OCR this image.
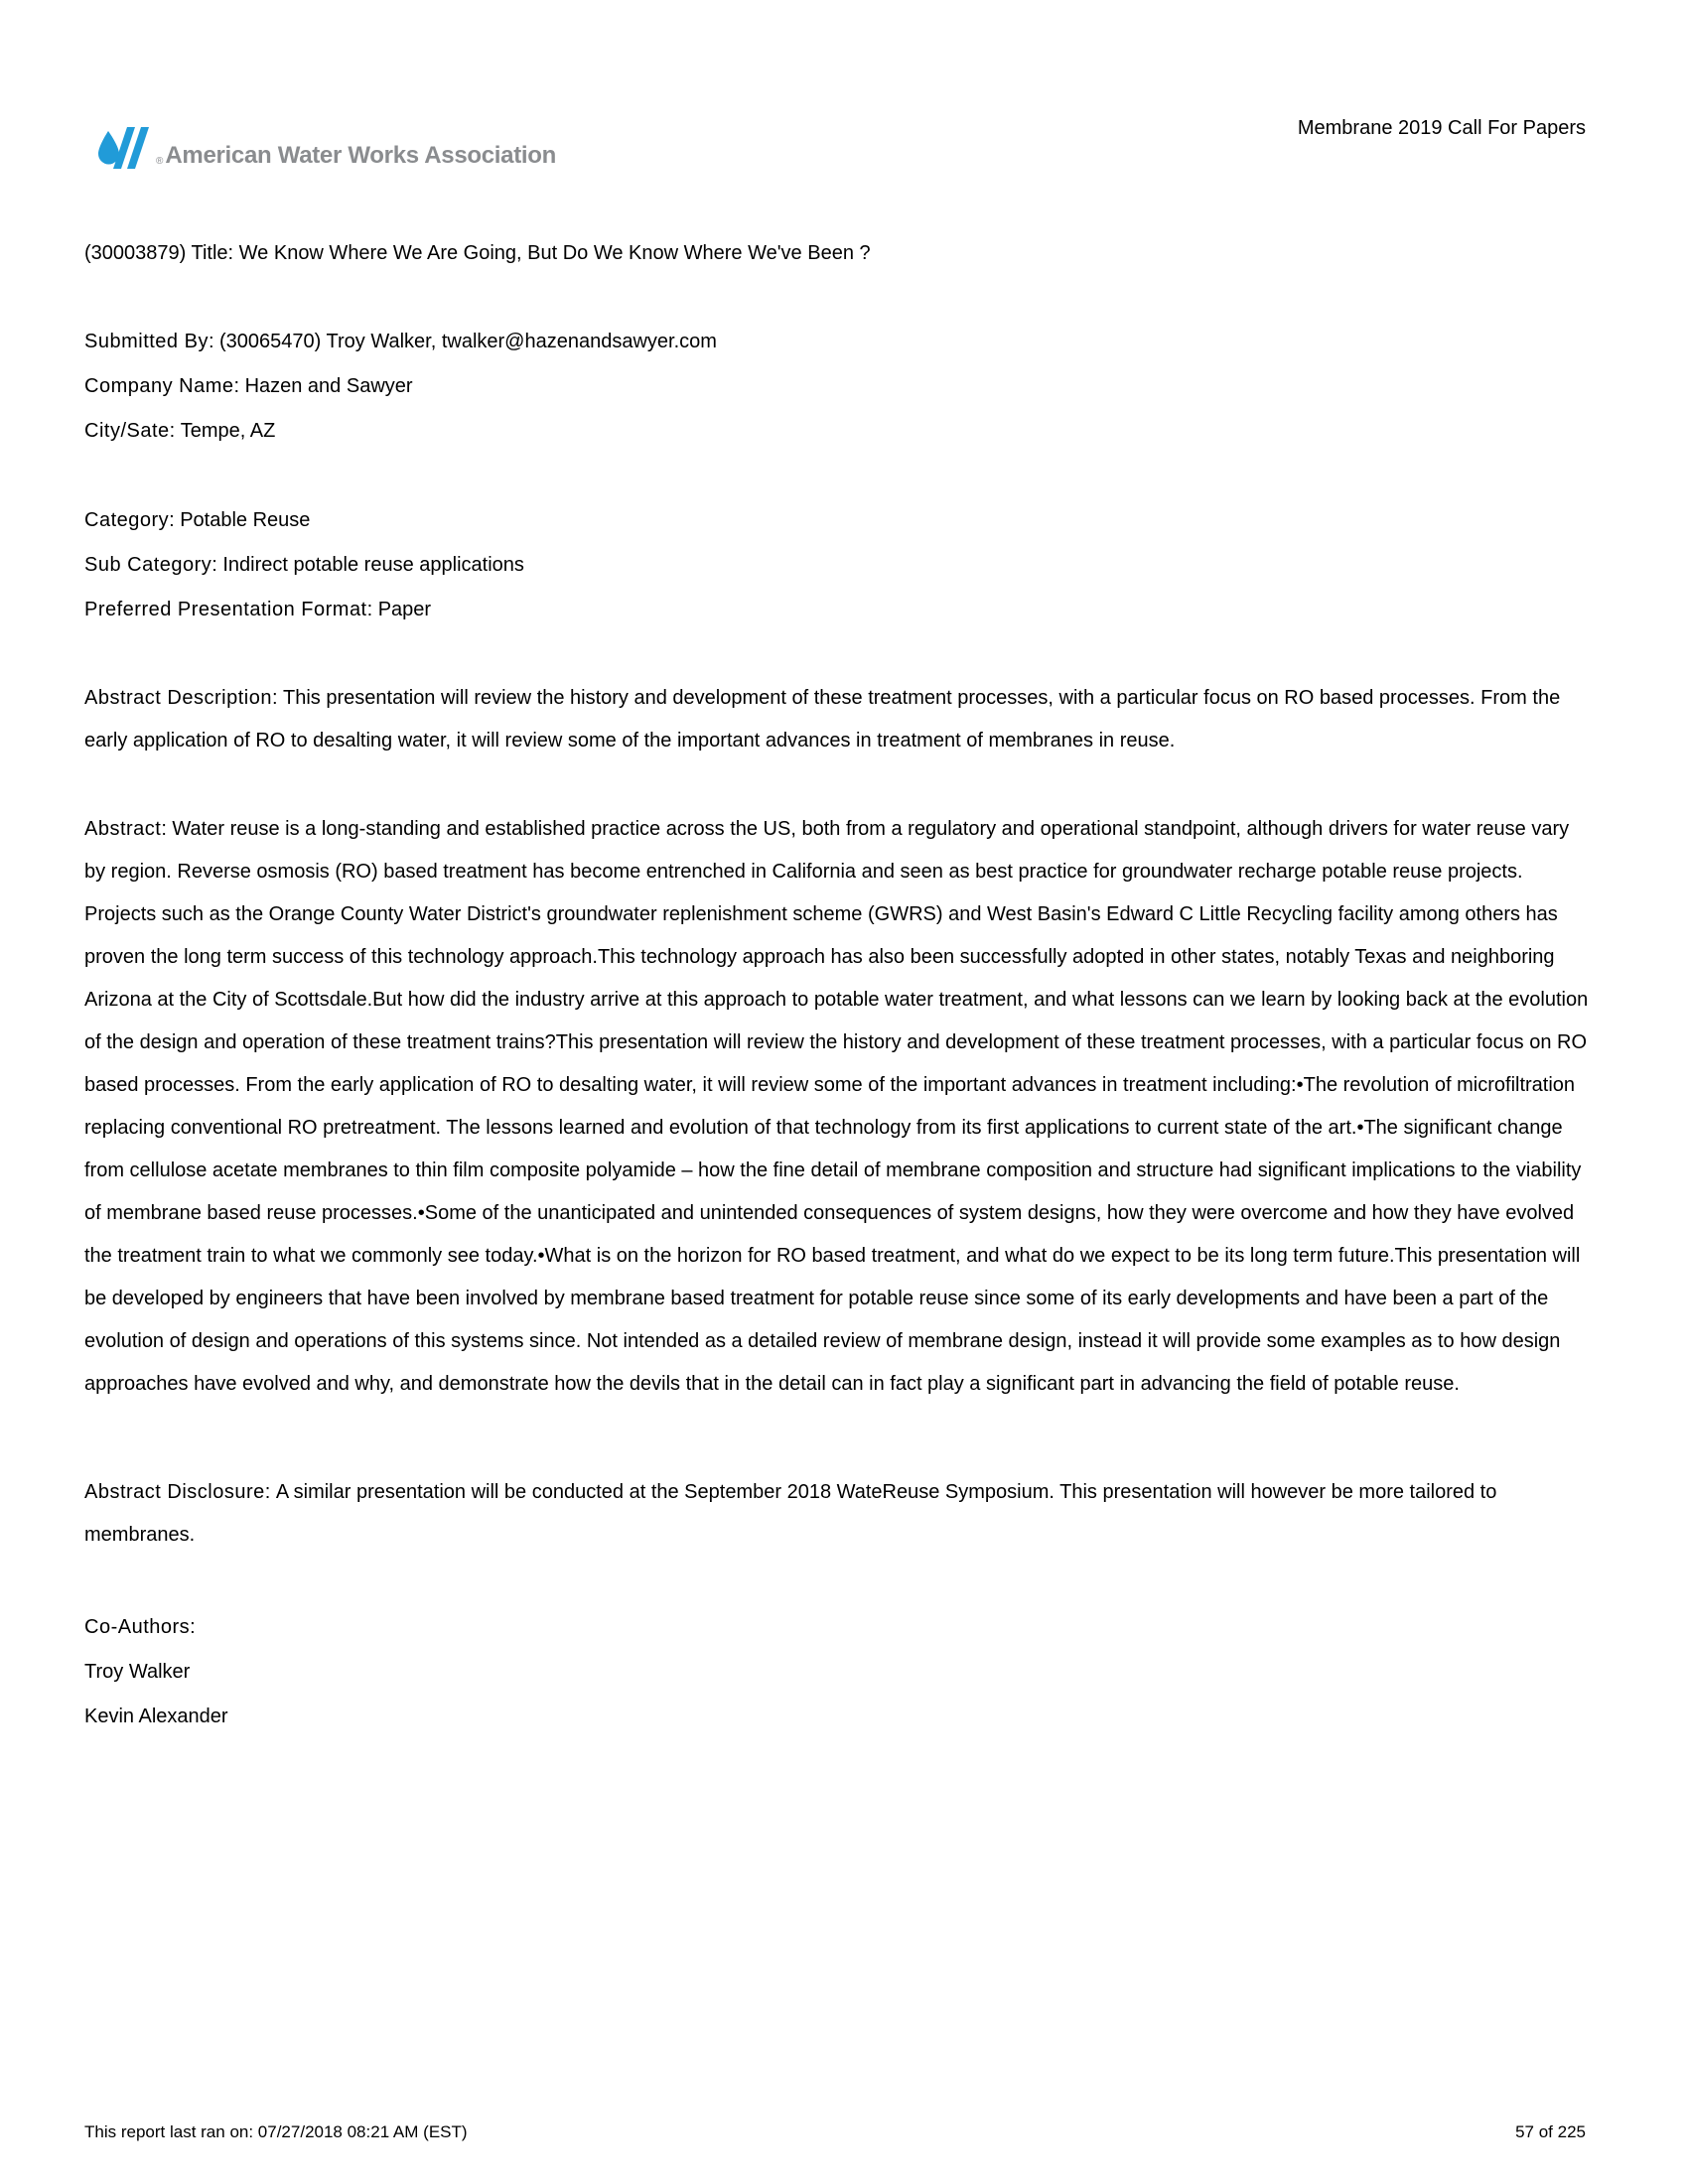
® American Water Works Association
Membrane 2019 Call For Papers

(30003879) Title: We Know Where We Are Going, But Do We Know Where We've Been ?

Submitted By: (30065470) Troy Walker, twalker@hazenandsawyer.com
Company Name: Hazen and Sawyer
City/Sate: Tempe, AZ
Category: Potable Reuse
Sub Category: Indirect potable reuse applications
Preferred Presentation Format: Paper

Abstract Description: This presentation will review the history and development of these treatment processes, with a particular focus on RO based processes. From the early application of RO to desalting water, it will review some of the important advances in treatment of membranes in reuse.

Abstract: Water reuse is a long-standing and established practice across the US, both from a regulatory and operational standpoint, although drivers for water reuse vary by region. Reverse osmosis (RO) based treatment has become entrenched in California and seen as best practice for groundwater recharge potable reuse projects. Projects such as the Orange County Water District's groundwater replenishment scheme (GWRS) and West Basin's Edward C Little Recycling facility among others has proven the long term success of this technology approach.This technology approach has also been successfully adopted in other states, notably Texas and neighboring Arizona at the City of Scottsdale.But how did the industry arrive at this approach to potable water treatment, and what lessons can we learn by looking back at the evolution of the design and operation of these treatment trains?This presentation will review the history and development of these treatment processes, with a particular focus on RO based processes. From the early application of RO to desalting water, it will review some of the important advances in treatment including:•The revolution of microfiltration replacing conventional RO pretreatment. The lessons learned and evolution of that technology from its first applications to current state of the art.•The significant change from cellulose acetate membranes to thin film composite polyamide – how the fine detail of membrane composition and structure had significant implications to the viability of membrane based reuse processes.•Some of the unanticipated and unintended consequences of system designs, how they were overcome and how they have evolved the treatment train to what we commonly see today.•What is on the horizon for RO based treatment, and what do we expect to be its long term future.This presentation will be developed by engineers that have been involved by membrane based treatment for potable reuse since some of its early developments and have been a part of the evolution of design and operations of this systems since. Not intended as a detailed review of membrane design, instead it will provide some examples as to how design approaches have evolved and why, and demonstrate how the devils that in the detail can in fact play a significant part in advancing the field of potable reuse.

Abstract Disclosure: A similar presentation will be conducted at the September 2018 WateReuse Symposium. This presentation will however be more tailored to membranes.

Co-Authors:
Troy Walker
Kevin Alexander
This report last ran on: 07/27/2018 08:21 AM (EST)	57 of 225
